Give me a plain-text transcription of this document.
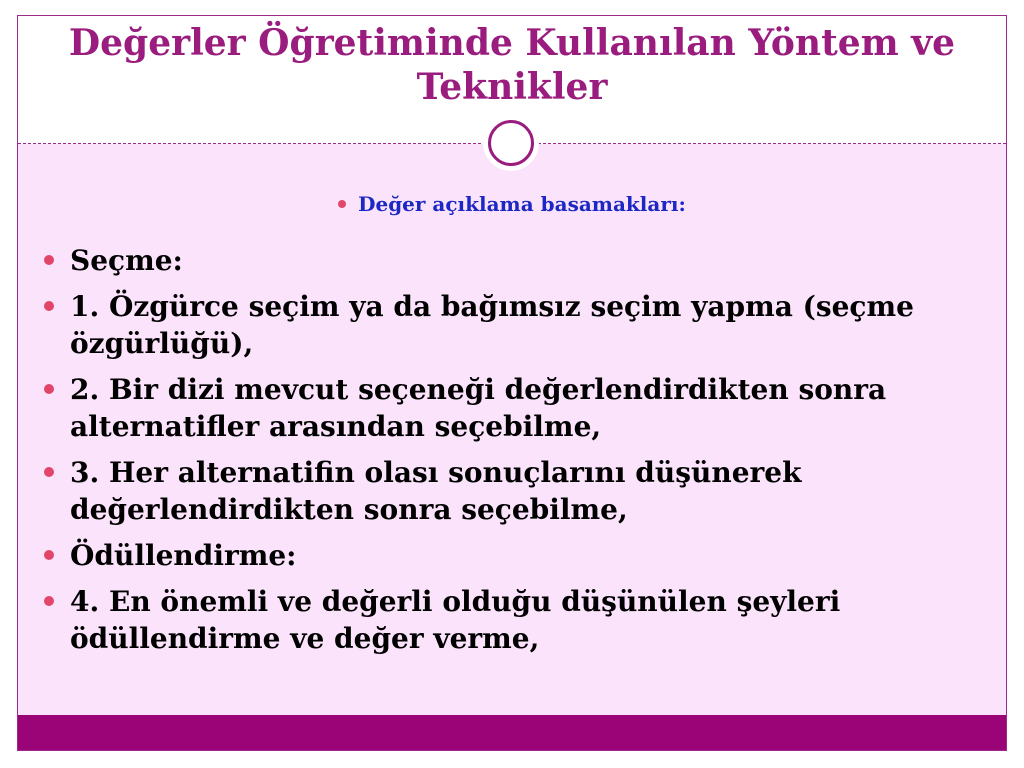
Değerler Öğretiminde Kullanılan Yöntem ve Teknikler
Değer açıklama basamakları:
Seçme:
1. Özgürce seçim ya da bağımsız seçim yapma (seçme özgürlüğü),
2. Bir dizi mevcut seçeneği değerlendirdikten sonra alternatifler arasından seçebilme,
3. Her alternatifin olası sonuçlarını düşünerek değerlendirdikten sonra seçebilme,
Ödüllendirme:
4. En önemli ve değerli olduğu düşünülen şeyleri ödüllendirme ve değer verme,
